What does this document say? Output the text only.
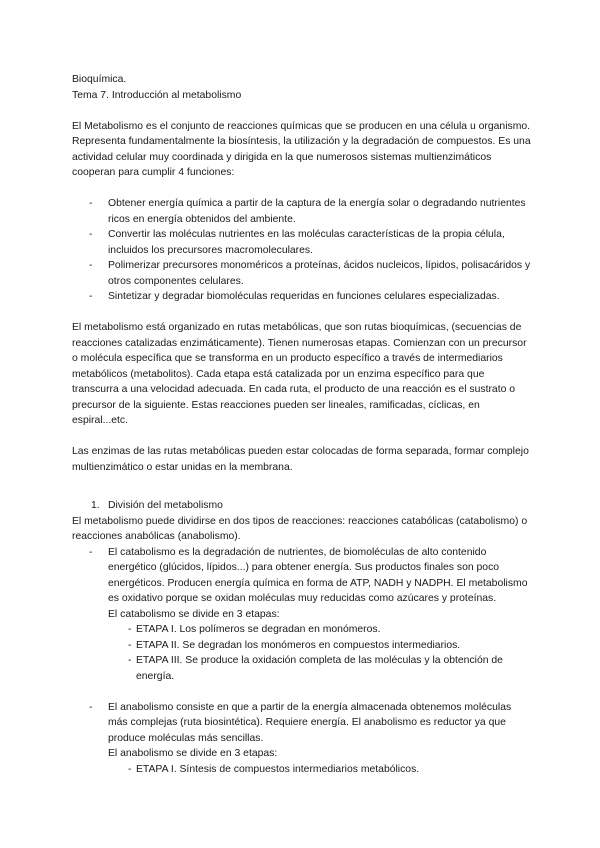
Bioquímica.

Tema 7. Introducción al metabolismo

El Metabolismo es el conjunto de reacciones químicas que se producen en una célula u organismo. Representa fundamentalmente la biosíntesis, la utilización y la degradación de compuestos. Es una actividad celular muy coordinada y dirigida en la que numerosos sistemas multienzimáticos cooperan para cumplir 4 funciones:

- Obtener energía química a partir de la captura de la energía solar o degradando nutrientes ricos en energía obtenidos del ambiente.
- Convertir las moléculas nutrientes en las moléculas características de la propia célula, incluidos los precursores macromoleculares.
- Polimerizar precursores monoméricos a proteínas, ácidos nucleicos, lípidos, polisacáridos y otros componentes celulares.
- Sintetizar y degradar biomoléculas requeridas en funciones celulares especializadas.

El metabolismo está organizado en rutas metabólicas, que son rutas bioquímicas, (secuencias de reacciones catalizadas enzimáticamente). Tienen numerosas etapas. Comienzan con un precursor o molécula específica que se transforma en un producto específico a través de intermediarios metabólicos (metabolitos). Cada etapa está catalizada por un enzima específico para que transcurra a una velocidad adecuada. En cada ruta, el producto de una reacción es el sustrato o precursor de la siguiente. Estas reacciones pueden ser lineales, ramificadas, cíclicas, en espiral...etc.

Las enzimas de las rutas metabólicas pueden estar colocadas de forma separada, formar complejo multienzimático o estar unidas en la membrana.

1. División del metabolismo

El metabolismo puede dividirse en dos tipos de reacciones: reacciones catabólicas (catabolismo) o reacciones anabólicas (anabolismo).

- El catabolismo es la degradación de nutrientes, de biomoléculas de alto contenido energético (glúcidos, lípidos...) para obtener energía. Sus productos finales son poco energéticos. Producen energía química en forma de ATP, NADH y NADPH. El metabolismo es oxidativo porque se oxidan moléculas muy reducidas como azúcares y proteínas.
El catabolismo se divide en 3 etapas:
- ETAPA I. Los polímeros se degradan en monómeros.
- ETAPA II. Se degradan los monómeros en compuestos intermediarios.
- ETAPA III. Se produce la oxidación completa de las moléculas y la obtención de energía.
- El anabolismo consiste en que a partir de la energía almacenada obtenemos moléculas más complejas (ruta biosintética). Requiere energía. El anabolismo es reductor ya que produce moléculas más sencillas.
El anabolismo se divide en 3 etapas:
- ETAPA I. Síntesis de compuestos intermediarios metabólicos.
